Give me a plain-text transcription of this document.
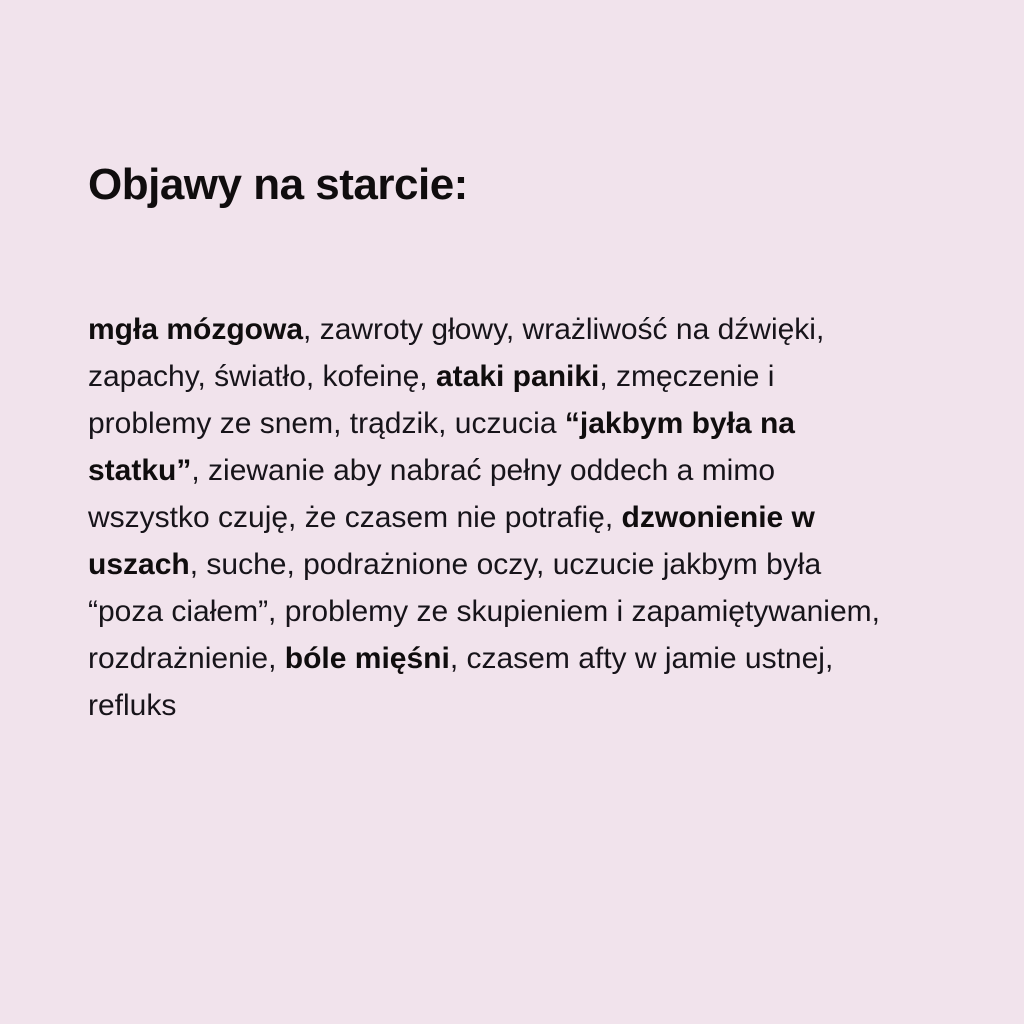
Objawy na starcie:

mgła mózgowa, zawroty głowy, wrażliwość na dźwięki, zapachy, światło, kofeinę, ataki paniki, zmęczenie i problemy ze snem, trądzik, uczucia “jakbym była na statku”, ziewanie aby nabrać pełny oddech a mimo wszystko czuję, że czasem nie potrafię, dzwonienie w uszach, suche, podrażnione oczy, uczucie jakbym była “poza ciałem”, problemy ze skupieniem i zapamiętywaniem, rozdrażnienie, bóle mięśni, czasem afty w jamie ustnej, refluks
